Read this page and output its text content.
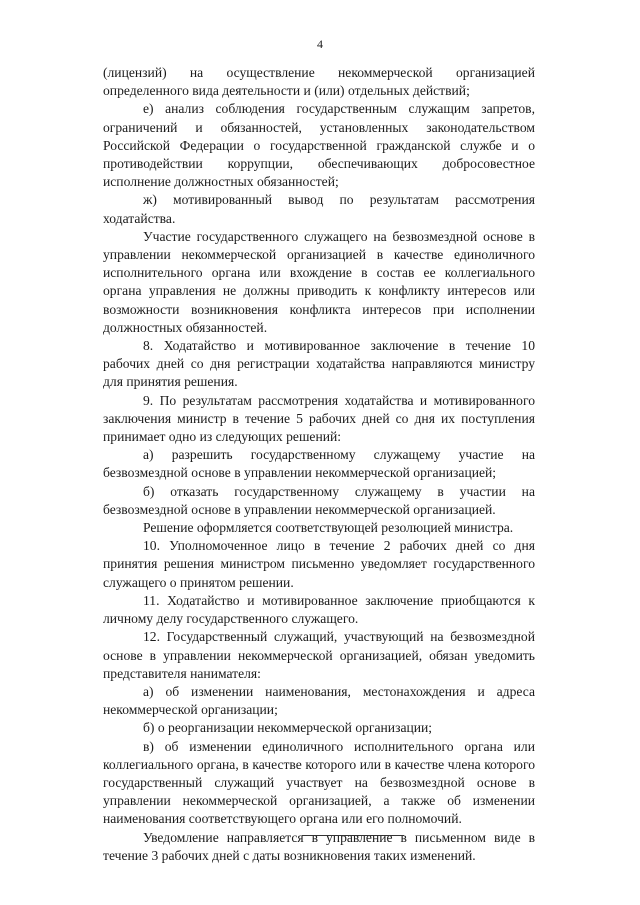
4

(лицензий) на осуществление некоммерческой организацией определенного вида деятельности и (или) отдельных действий;

е) анализ соблюдения государственным служащим запретов, ограничений и обязанностей, установленных законодательством Российской Федерации о государственной гражданской службе и о противодействии коррупции, обеспечивающих добросовестное исполнение должностных обязанностей;

ж) мотивированный вывод по результатам рассмотрения ходатайства.

Участие государственного служащего на безвозмездной основе в управлении некоммерческой организацией в качестве единоличного исполнительного органа или вхождение в состав ее коллегиального органа управления не должны приводить к конфликту интересов или возможности возникновения конфликта интересов при исполнении должностных обязанностей.

8. Ходатайство и мотивированное заключение в течение 10 рабочих дней со дня регистрации ходатайства направляются министру для принятия решения.

9. По результатам рассмотрения ходатайства и мотивированного заключения министр в течение 5 рабочих дней со дня их поступления принимает одно из следующих решений:

а) разрешить государственному служащему участие на безвозмездной основе в управлении некоммерческой организацией;

б) отказать государственному служащему в участии на безвозмездной основе в управлении некоммерческой организацией.

Решение оформляется соответствующей резолюцией министра.

10. Уполномоченное лицо в течение 2 рабочих дней со дня принятия решения министром письменно уведомляет государственного служащего о принятом решении.

11. Ходатайство и мотивированное заключение приобщаются к личному делу государственного служащего.

12. Государственный служащий, участвующий на безвозмездной основе в управлении некоммерческой организацией, обязан уведомить представителя нанимателя:

а) об изменении наименования, местонахождения и адреса некоммерческой организации;

б) о реорганизации некоммерческой организации;

в) об изменении единоличного исполнительного органа или коллегиального органа, в качестве которого или в качестве члена которого государственный служащий участвует на безвозмездной основе в управлении некоммерческой организацией, а также об изменении наименования соответствующего органа или его полномочий.

Уведомление направляется в управление в письменном виде в течение 3 рабочих дней с даты возникновения таких изменений.
